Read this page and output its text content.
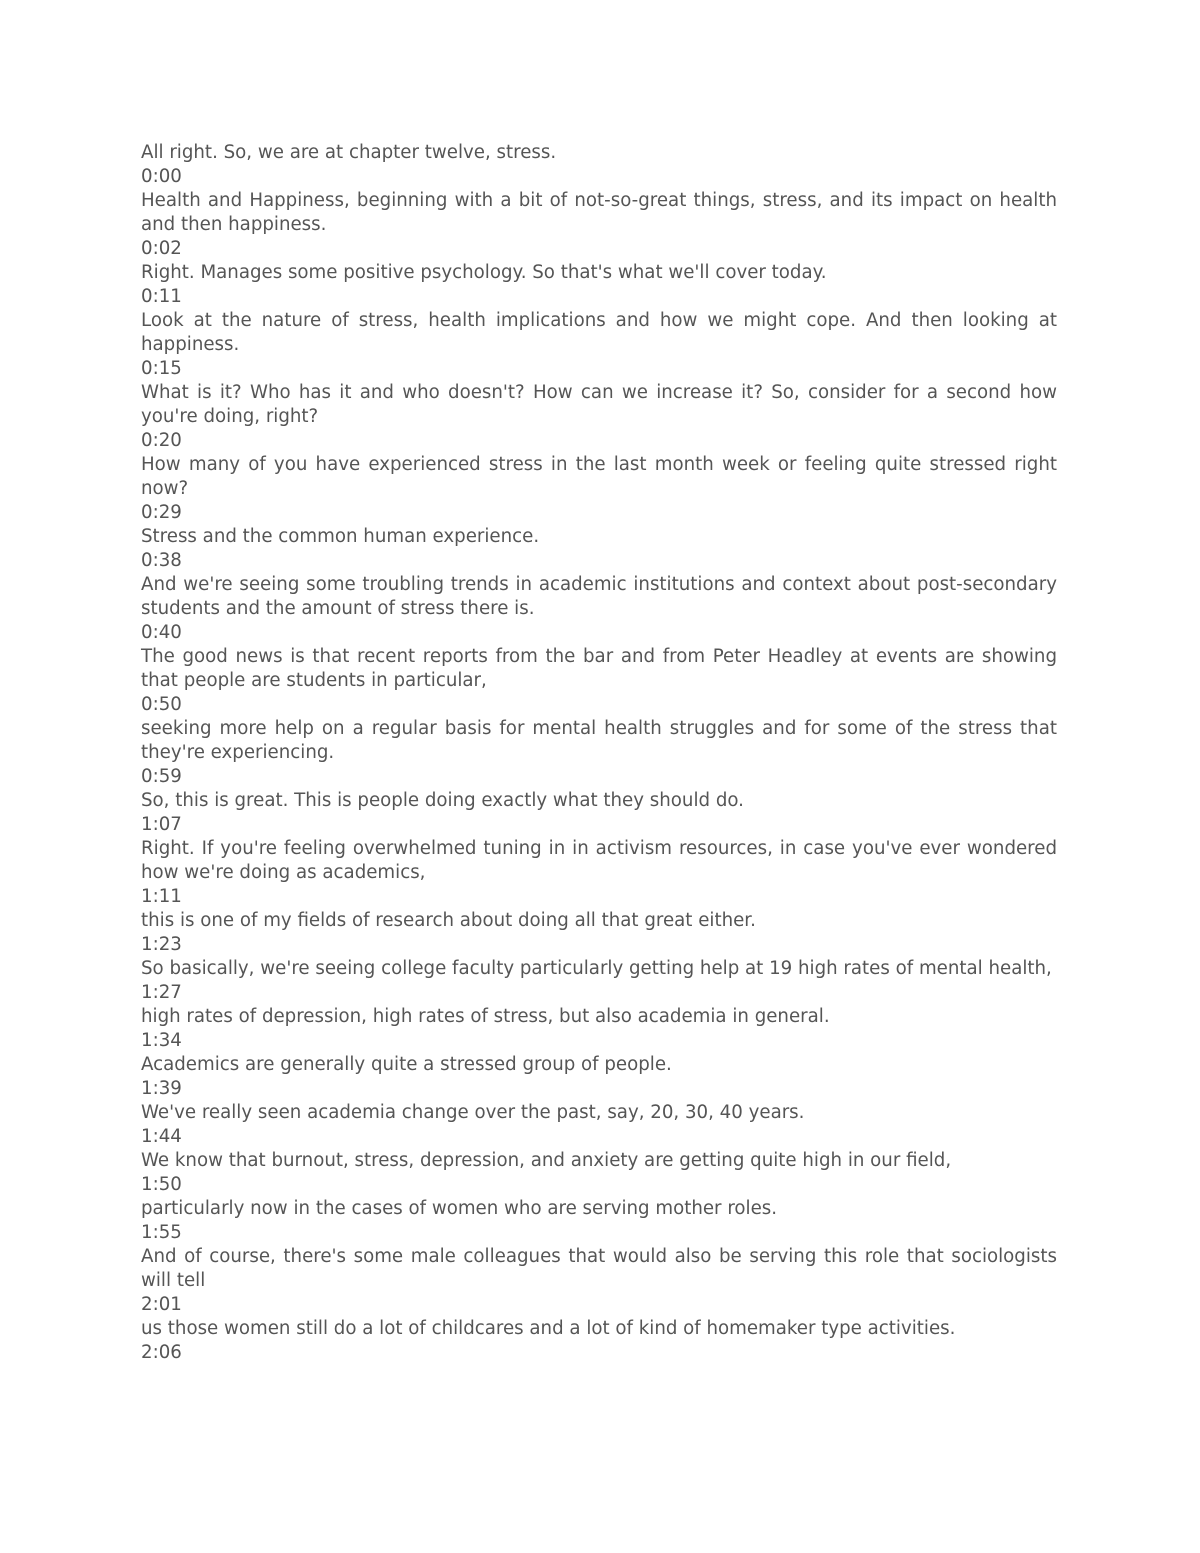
All right. So, we are at chapter twelve, stress.

0:00

Health and Happiness, beginning with a bit of not-so-great things, stress, and its impact on health and then happiness.

0:02

Right. Manages some positive psychology. So that's what we'll cover today.

0:11

Look at the nature of stress, health implications and how we might cope. And then looking at happiness.

0:15

What is it? Who has it and who doesn't? How can we increase it? So, consider for a second how you're doing, right?

0:20

How many of you have experienced stress in the last month week or feeling quite stressed right now?

0:29

Stress and the common human experience.

0:38

And we're seeing some troubling trends in academic institutions and context about post-secondary students and the amount of stress there is.

0:40

The good news is that recent reports from the bar and from Peter Headley at events are showing that people are students in particular,

0:50

seeking more help on a regular basis for mental health struggles and for some of the stress that they're experiencing.

0:59

So, this is great. This is people doing exactly what they should do.

1:07

Right. If you're feeling overwhelmed tuning in in activism resources, in case you've ever wondered how we're doing as academics,

1:11

this is one of my fields of research about doing all that great either.

1:23

So basically, we're seeing college faculty particularly getting help at 19 high rates of mental health,

1:27

high rates of depression, high rates of stress, but also academia in general.

1:34

Academics are generally quite a stressed group of people.

1:39

We've really seen academia change over the past, say, 20, 30, 40 years.

1:44

We know that burnout, stress, depression, and anxiety are getting quite high in our field,

1:50

particularly now in the cases of women who are serving mother roles.

1:55

And of course, there's some male colleagues that would also be serving this role that sociologists will tell

2:01

us those women still do a lot of childcares and a lot of kind of homemaker type activities.

2:06
